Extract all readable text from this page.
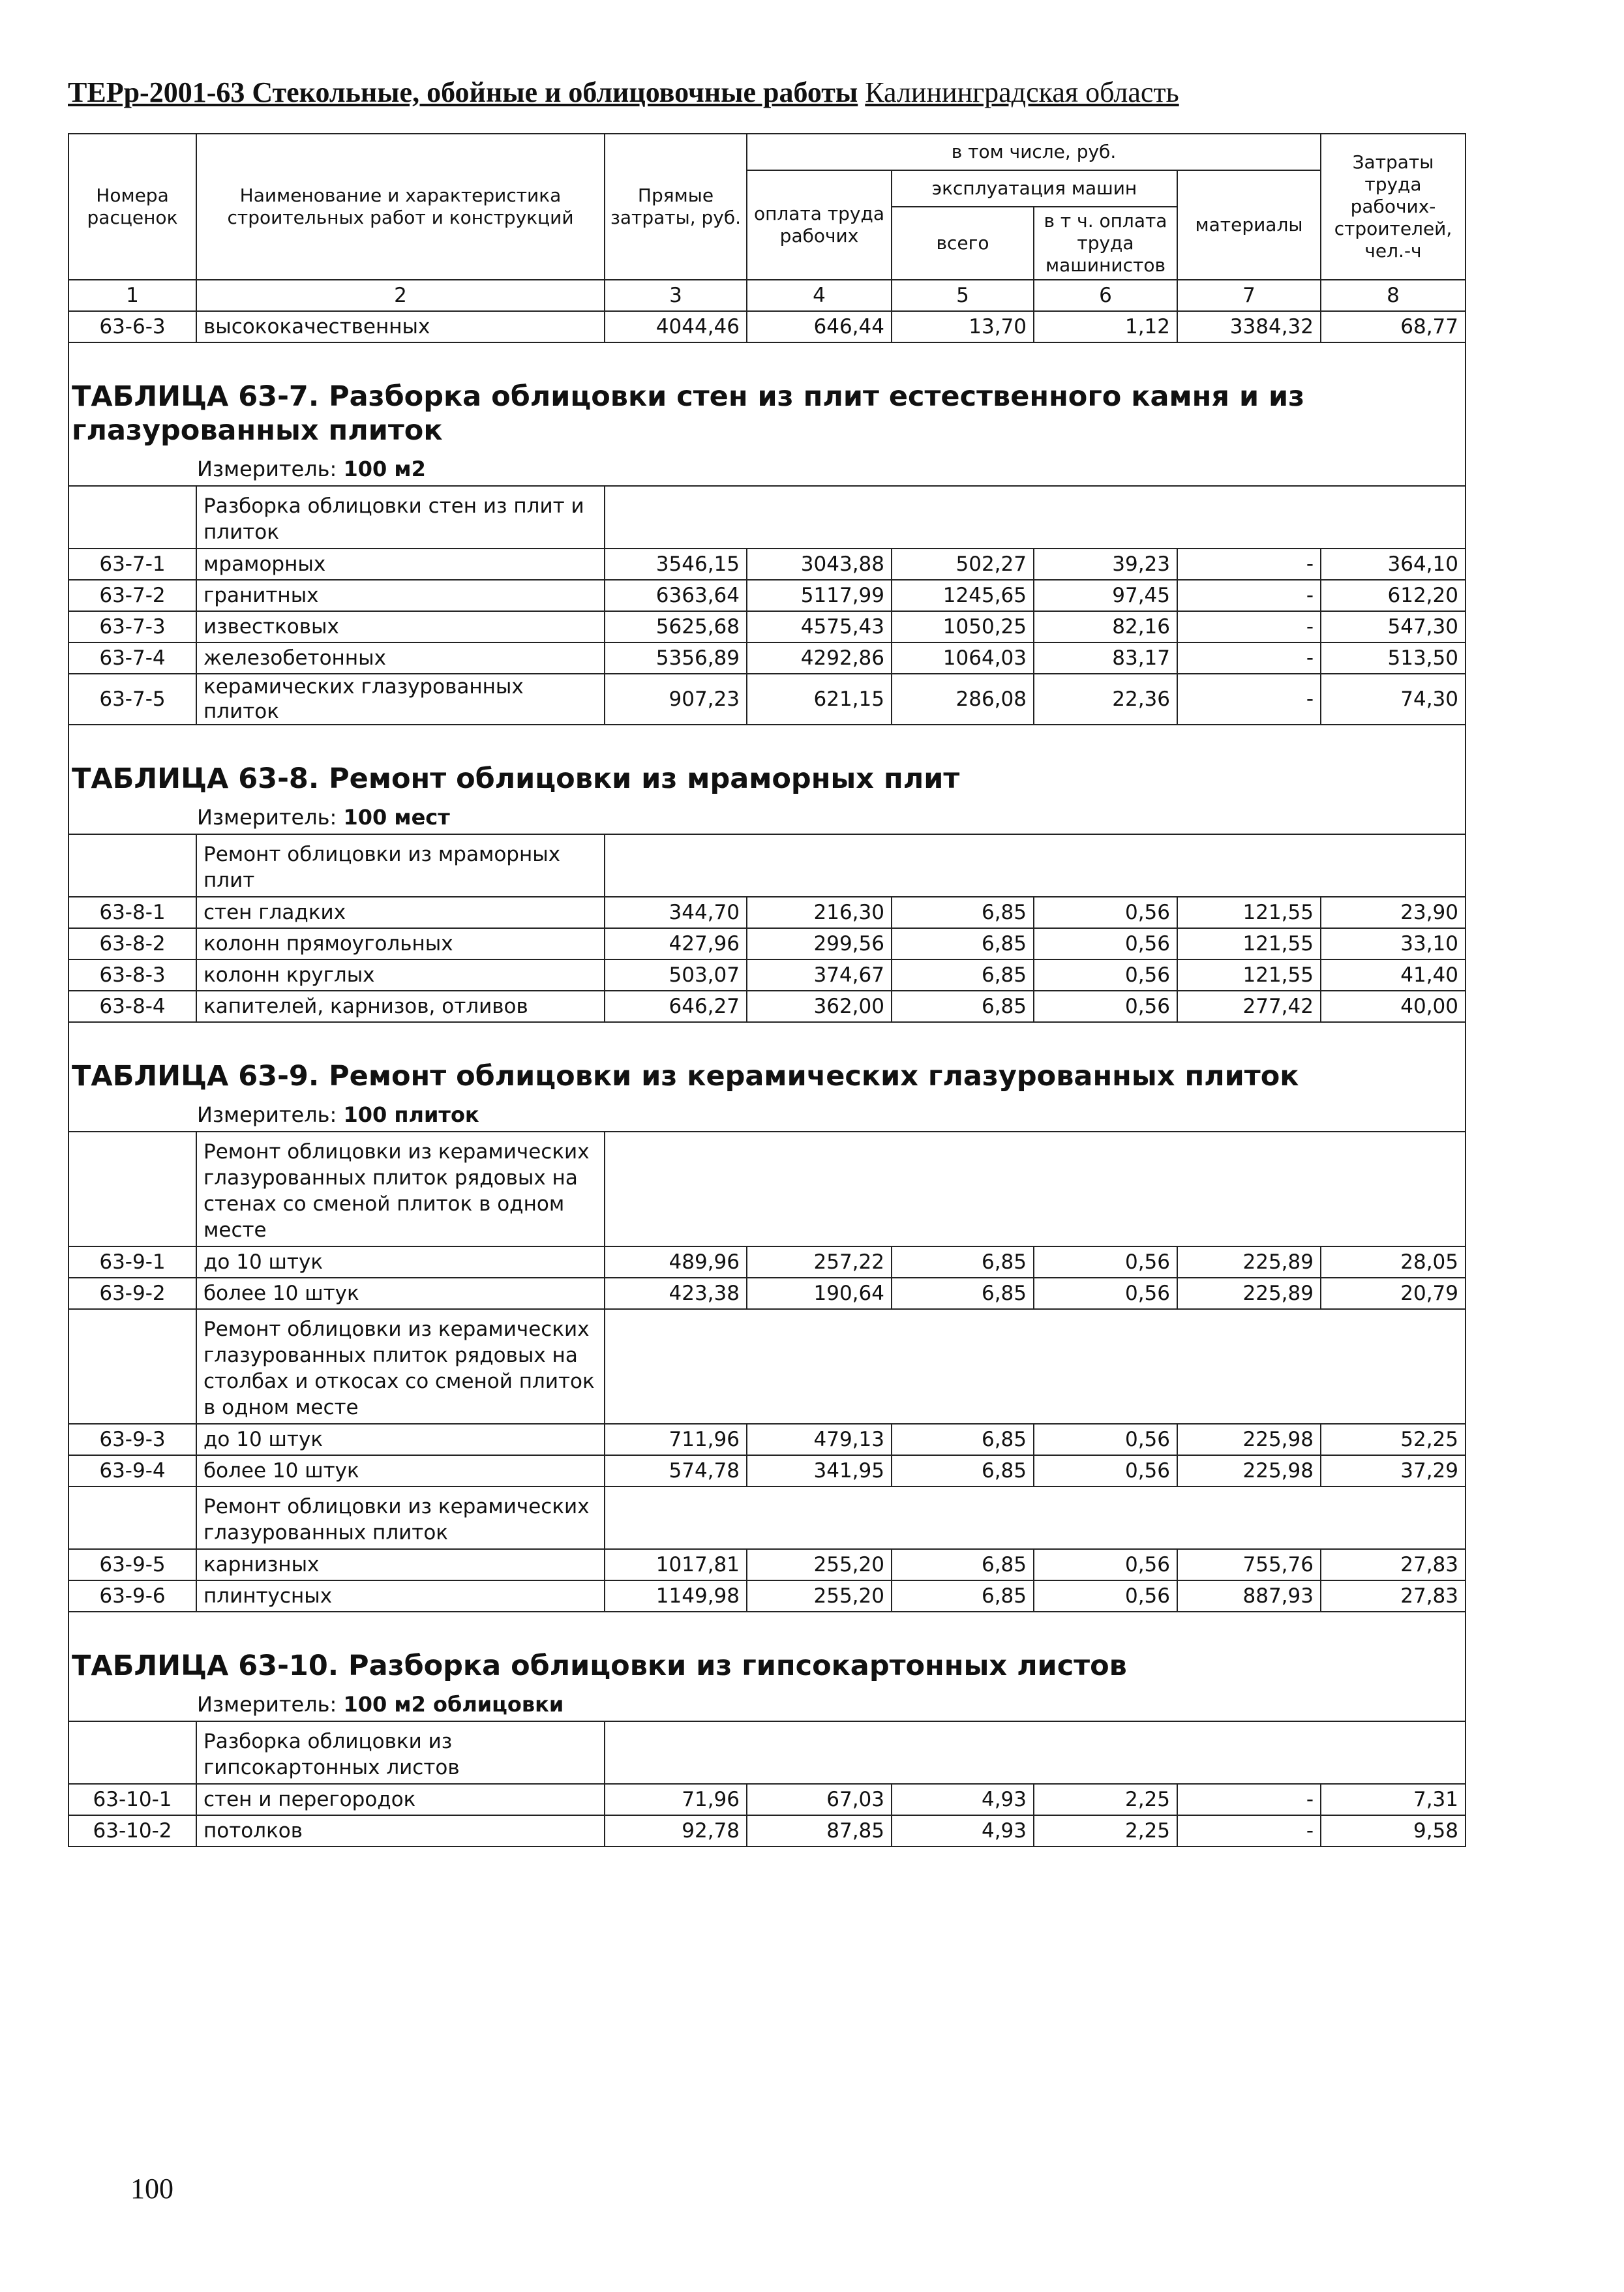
ТЕРр-2001-63 Стекольные, обойные и облицовочные работы Калининградская область
Номера расценок	Наименование и характеристика строительных работ и конструкций	Прямые затраты, руб.	в том числе, руб.				Затраты труда рабочих-строителей, чел.-ч
			оплата труда рабочих	эксплуатация машин		материалы	
				всего	в т ч. оплата труда машинистов		
1	2	3	4	5	6	7	8
63-6-3	высококачественных	4044,46	646,44	13,70	1,12	3384,32	68,77
ТАБЛИЦА 63-7. Разборка облицовки стен из плит естественного камня и из глазурованных плиток							
Измеритель: 100 м2							
	Разборка облицовки стен из плит и плиток						
63-7-1	мраморных	3546,15	3043,88	502,27	39,23	-	364,10
63-7-2	гранитных	6363,64	5117,99	1245,65	97,45	-	612,20
63-7-3	известковых	5625,68	4575,43	1050,25	82,16	-	547,30
63-7-4	железобетонных	5356,89	4292,86	1064,03	83,17	-	513,50
63-7-5	керамических глазурованных плиток	907,23	621,15	286,08	22,36	-	74,30
ТАБЛИЦА 63-8. Ремонт облицовки из мраморных плит							
Измеритель: 100 мест							
	Ремонт облицовки из мраморных плит						
63-8-1	стен гладких	344,70	216,30	6,85	0,56	121,55	23,90
63-8-2	колонн прямоугольных	427,96	299,56	6,85	0,56	121,55	33,10
63-8-3	колонн круглых	503,07	374,67	6,85	0,56	121,55	41,40
63-8-4	капителей, карнизов, отливов	646,27	362,00	6,85	0,56	277,42	40,00
ТАБЛИЦА 63-9. Ремонт облицовки из керамических глазурованных плиток							
Измеритель: 100 плиток							
	Ремонт облицовки из керамических глазурованных плиток рядовых на стенах со сменой плиток в одном месте						
63-9-1	до 10 штук	489,96	257,22	6,85	0,56	225,89	28,05
63-9-2	более 10 штук	423,38	190,64	6,85	0,56	225,89	20,79
	Ремонт облицовки из керамических глазурованных плиток рядовых на столбах и откосах со сменой плиток в одном месте						
63-9-3	до 10 штук	711,96	479,13	6,85	0,56	225,98	52,25
63-9-4	более 10 штук	574,78	341,95	6,85	0,56	225,98	37,29
	Ремонт облицовки из керамических глазурованных плиток						
63-9-5	карнизных	1017,81	255,20	6,85	0,56	755,76	27,83
63-9-6	плинтусных	1149,98	255,20	6,85	0,56	887,93	27,83
ТАБЛИЦА 63-10. Разборка облицовки из гипсокартонных листов							
Измеритель: 100 м2 облицовки							
	Разборка облицовки из гипсокартонных листов						
63-10-1	стен и перегородок	71,96	67,03	4,93	2,25	-	7,31
63-10-2	потолков	92,78	87,85	4,93	2,25	-	9,58
100
